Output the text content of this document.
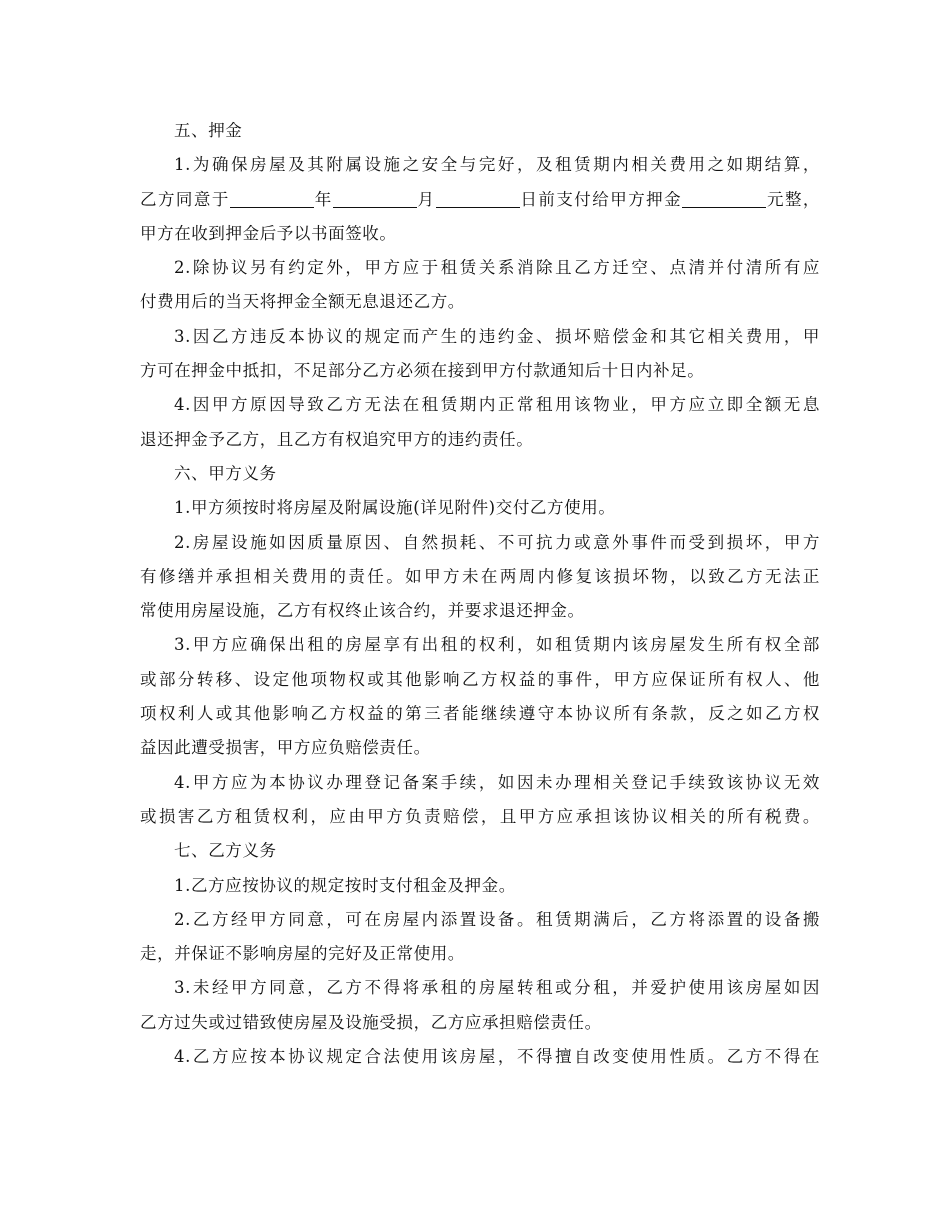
五、押金
1.为确保房屋及其附属设施之安全与完好，及租赁期内相关费用之如期结算，
乙方同意于	年	月	日前支付给甲方押金	元整，
甲方在收到押金后予以书面签收。
2.除协议另有约定外，甲方应于租赁关系消除且乙方迁空、点清并付清所有应
付费用后的当天将押金全额无息退还乙方。
3.因乙方违反本协议的规定而产生的违约金、损坏赔偿金和其它相关费用，甲
方可在押金中抵扣，不足部分乙方必须在接到甲方付款通知后十日内补足。
4.因甲方原因导致乙方无法在租赁期内正常租用该物业，甲方应立即全额无息
退还押金予乙方，且乙方有权追究甲方的违约责任。
六、甲方义务
1.甲方须按时将房屋及附属设施(详见附件)交付乙方使用。
2.房屋设施如因质量原因、自然损耗、不可抗力或意外事件而受到损坏，甲方
有修缮并承担相关费用的责任。如甲方未在两周内修复该损坏物，以致乙方无法正
常使用房屋设施，乙方有权终止该合约，并要求退还押金。
3.甲方应确保出租的房屋享有出租的权利，如租赁期内该房屋发生所有权全部
或部分转移、设定他项物权或其他影响乙方权益的事件，甲方应保证所有权人、他
项权利人或其他影响乙方权益的第三者能继续遵守本协议所有条款，反之如乙方权
益因此遭受损害，甲方应负赔偿责任。
4.甲方应为本协议办理登记备案手续，如因未办理相关登记手续致该协议无效
或损害乙方租赁权利，应由甲方负责赔偿，且甲方应承担该协议相关的所有税费。
七、乙方义务
1.乙方应按协议的规定按时支付租金及押金。
2.乙方经甲方同意，可在房屋内添置设备。租赁期满后，乙方将添置的设备搬
走，并保证不影响房屋的完好及正常使用。
3.未经甲方同意，乙方不得将承租的房屋转租或分租，并爱护使用该房屋如因
乙方过失或过错致使房屋及设施受损，乙方应承担赔偿责任。
4.乙方应按本协议规定合法使用该房屋，不得擅自改变使用性质。乙方不得在
